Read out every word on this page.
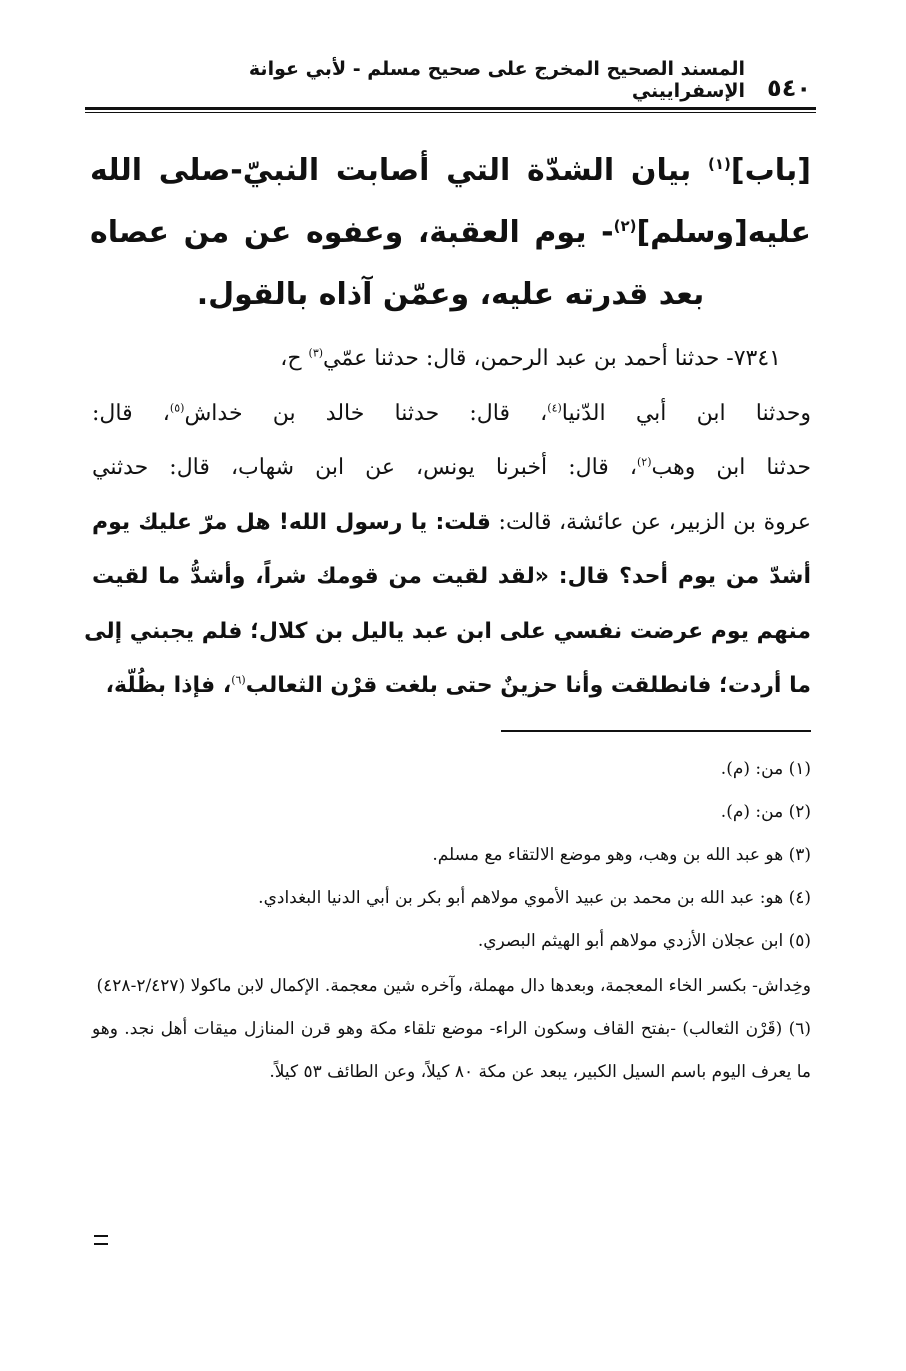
٥٤٠
المسند الصحيح المخرج على صحيح مسلم - لأبي عوانة الإسفراييني
[باب]$^{(١)}$ بيان الشدّة التي أصابت النبيّ-صلى الله عليه[وسلم]$^{(٢)}$- يوم العقبة، وعفوه عن من عصاه بعد قدرته عليه، وعمّن آذاه بالقول.
٧٣٤١- حدثنا أحمد بن عبد الرحمن، قال: حدثنا عمّي$^{(٣)}$ ح،
وحدثنا ابن أبي الدّنيا$^{(٤)}$، قال: حدثنا خالد بن خداش$^{(٥)}$، قال:
حدثنا ابن وهب$^{(٢)}$، قال: أخبرنا يونس، عن ابن شهاب، قال: حدثني
عروة بن الزبير، عن عائشة، قالت: قلت: يا رسول الله! هل مرّ عليك يوم
أشدّ من يوم أحد؟ قال: «لقد لقيت من قومك شراً، وأشدُّ ما لقيت
منهم يوم عرضت نفسي على ابن عبد ياليل بن كلال؛ فلم يجبني إلى
ما أردت؛ فانطلقت وأنا حزينٌ حتى بلغت قرْن الثعالب$^{(٦)}$، فإذا بظُلّة،
(١) من: (م).
(٢) من: (م).
(٣) هو عبد الله بن وهب، وهو موضع الالتقاء مع مسلم.
(٤) هو: عبد الله بن محمد بن عبيد الأموي مولاهم أبو بكر بن أبي الدنيا البغدادي.
(٥) ابن عجلان الأزدي مولاهم أبو الهيثم البصري.
وخِداش- بكسر الخاء المعجمة، وبعدها دال مهملة، وآخره شين معجمة. الإكمال لابن ماكولا (٢/٤٢٧-٤٢٨)
(٦) (قَرْن الثعالب) -بفتح القاف وسكون الراء- موضع تلقاء مكة وهو قرن المنازل ميقات أهل نجد. وهو ما يعرف اليوم باسم السيل الكبير، يبعد عن مكة ٨٠ كيلاً، وعن الطائف ٥٣ كيلاً.
